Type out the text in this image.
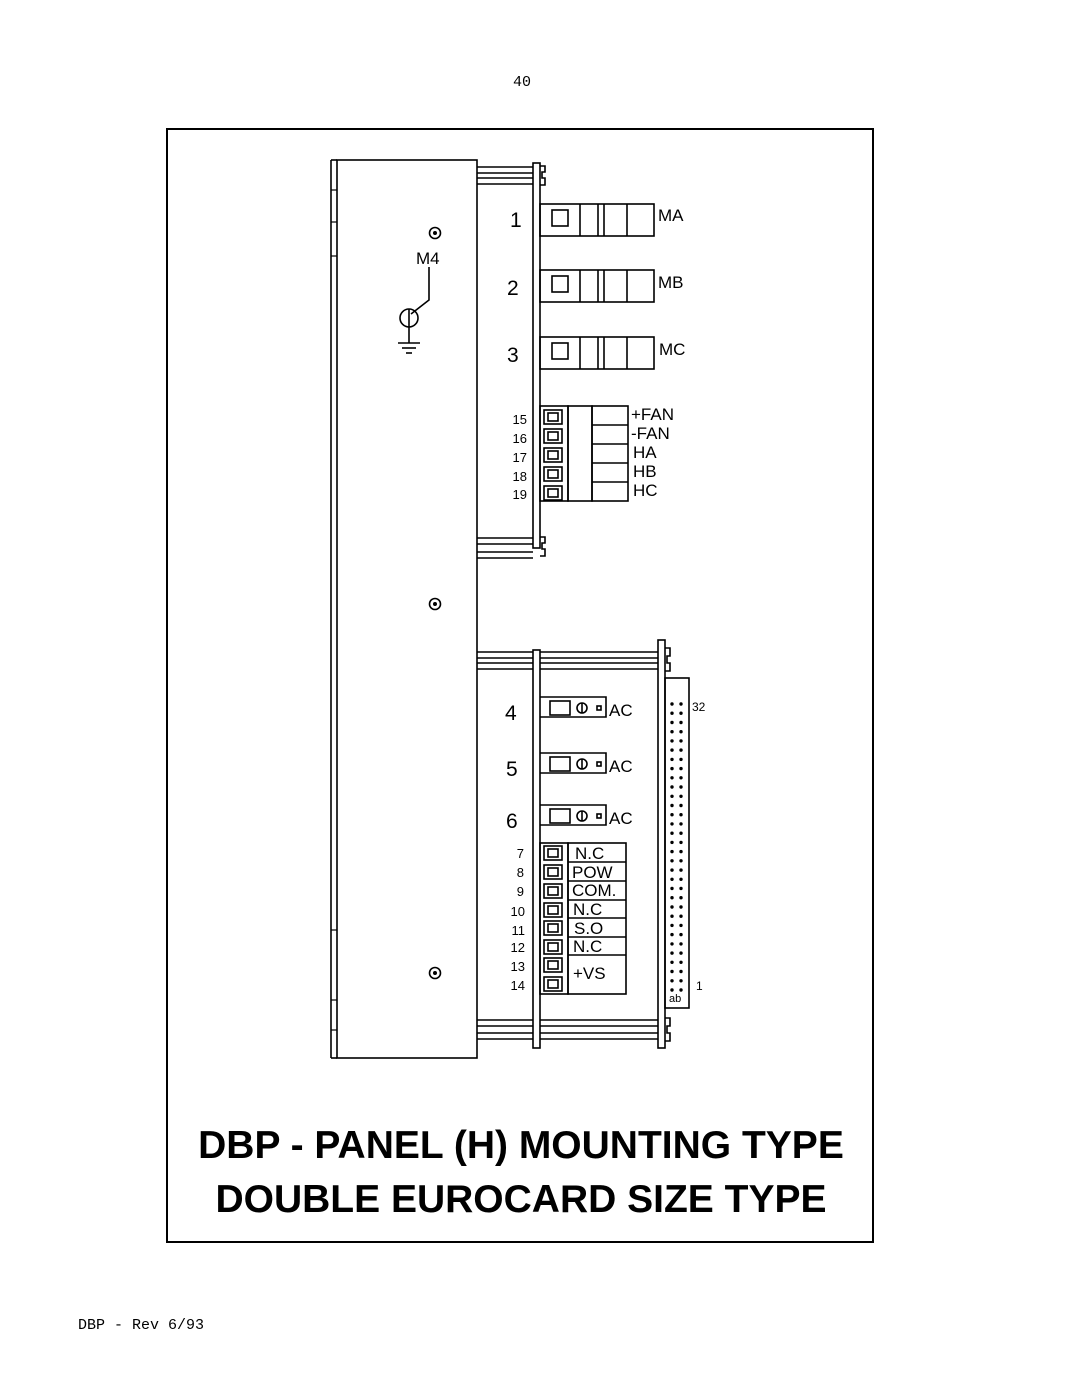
40
M4
1
2
3
MA
MB
MC
15
16
17
18
19
+FAN
-FAN
HA
HB
HC
4
5
6
AC
AC
AC
7
8
9
10
11
12
13
14
N.C
POW
COM.
N.C
S.O
N.C
+VS
32
1
ab
DBP - PANEL (H) MOUNTING TYPE
DOUBLE EUROCARD SIZE TYPE
DBP - Rev 6/93
